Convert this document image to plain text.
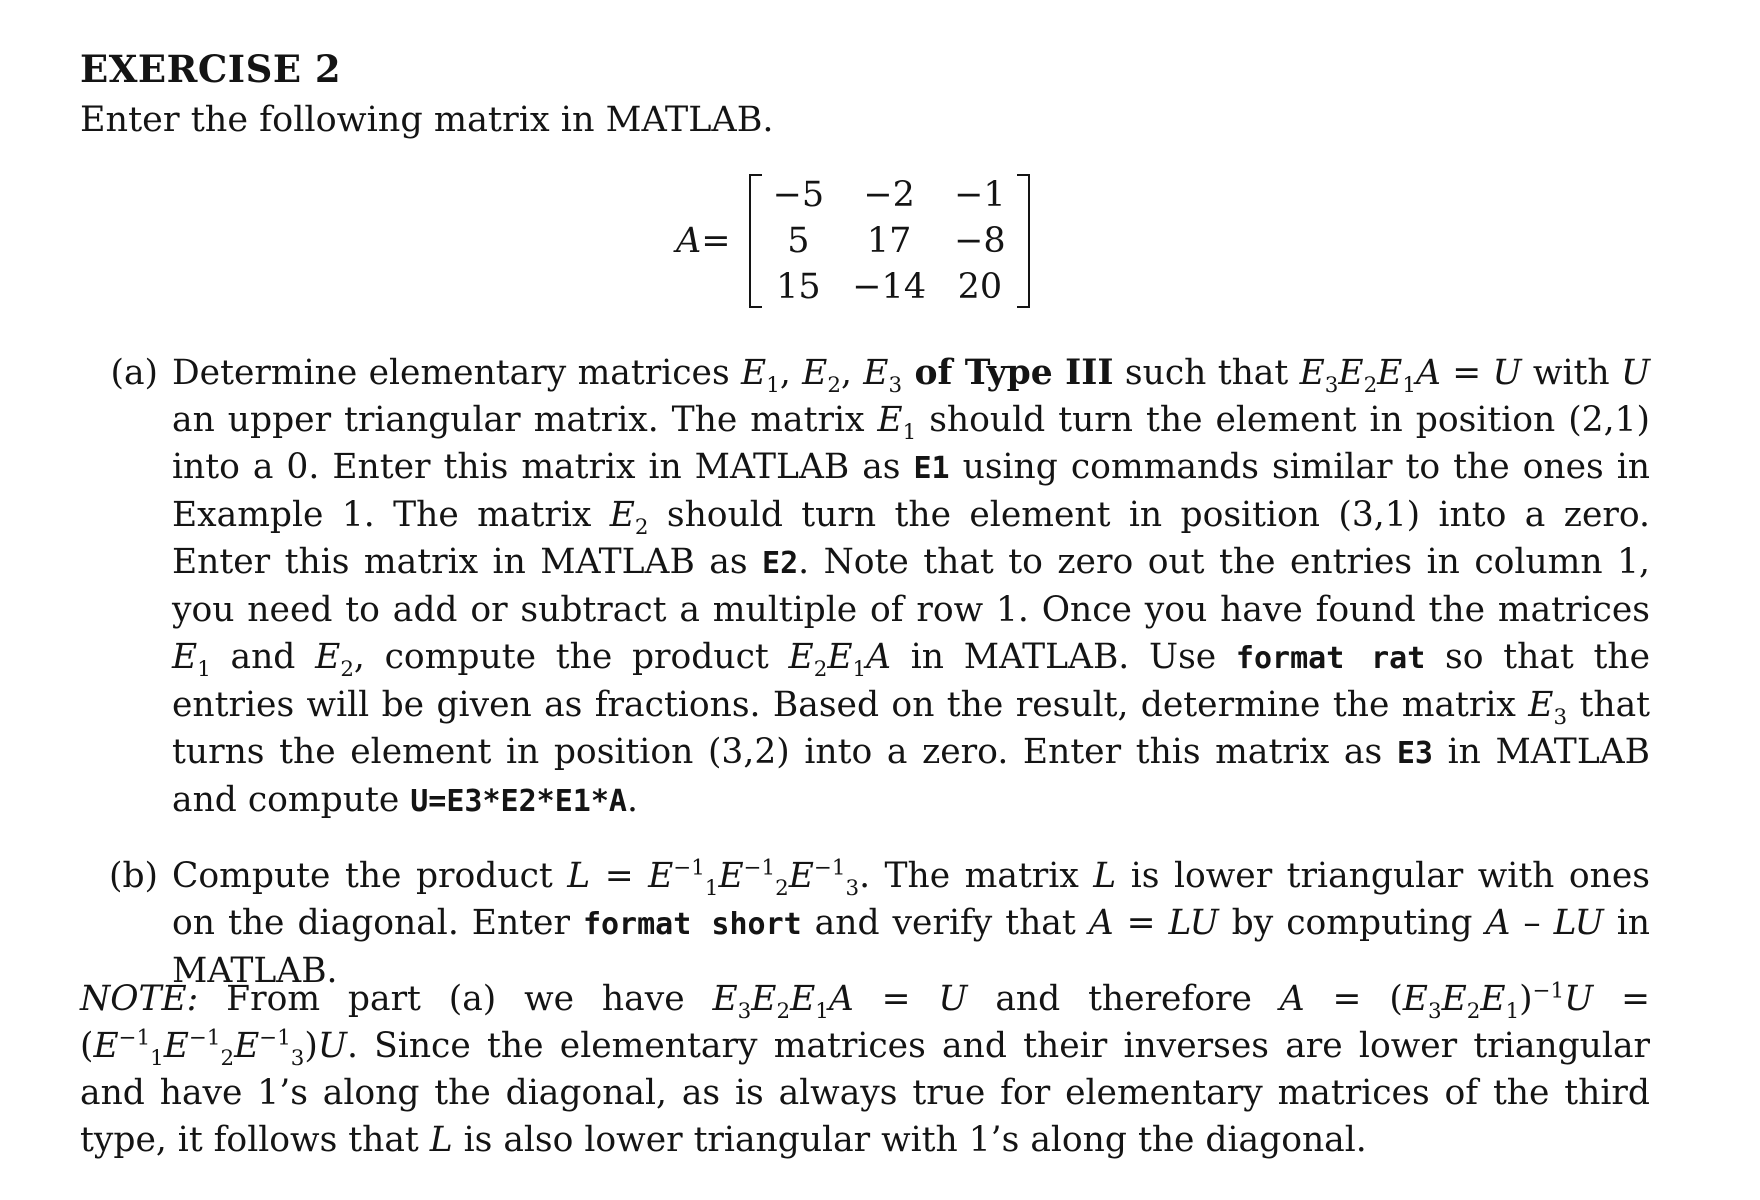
EXERCISE 2

Enter the following matrix in MATLAB.

A=
−5	−2	−1
5	17	−8
15	−14	20
(a) Determine elementary matrices $E_1$, $E_2$, $E_3$ of Type III such that $E_3E_2E_1A = U$ with U an upper triangular matrix. The matrix $E_1$ should turn the element in position (2,1) into a 0. Enter this matrix in MATLAB as E1 using commands similar to the ones in Example 1. The matrix $E_2$ should turn the element in position (3,1) into a zero. Enter this matrix in MATLAB as E2. Note that to zero out the entries in column 1, you need to add or subtract a multiple of row 1. Once you have found the matrices $E_1$ and $E_2$, compute the product $E_2E_1A$ in MATLAB. Use format rat so that the entries will be given as fractions. Based on the result, determine the matrix $E_3$ that turns the element in position (3,2) into a zero. Enter this matrix as E3 in MATLAB and compute U=E3*E2*E1*A.
(b) Compute the product $L = E^{-1}_1E^{-1}_2E^{-1}_3$. The matrix L is lower triangular with ones on the diagonal. Enter format short and verify that A = LU by computing A – LU in MATLAB.
NOTE: From part (a) we have $E_3E_2E_1A = U$ and therefore $A = (E_3E_2E_1)^{-1}U = (E^{-1}_1E^{-1}_2E^{-1}_3)U$. Since the elementary matrices and their inverses are lower triangular and have 1’s along the diagonal, as is always true for elementary matrices of the third type, it follows that L is also lower triangular with 1’s along the diagonal.
